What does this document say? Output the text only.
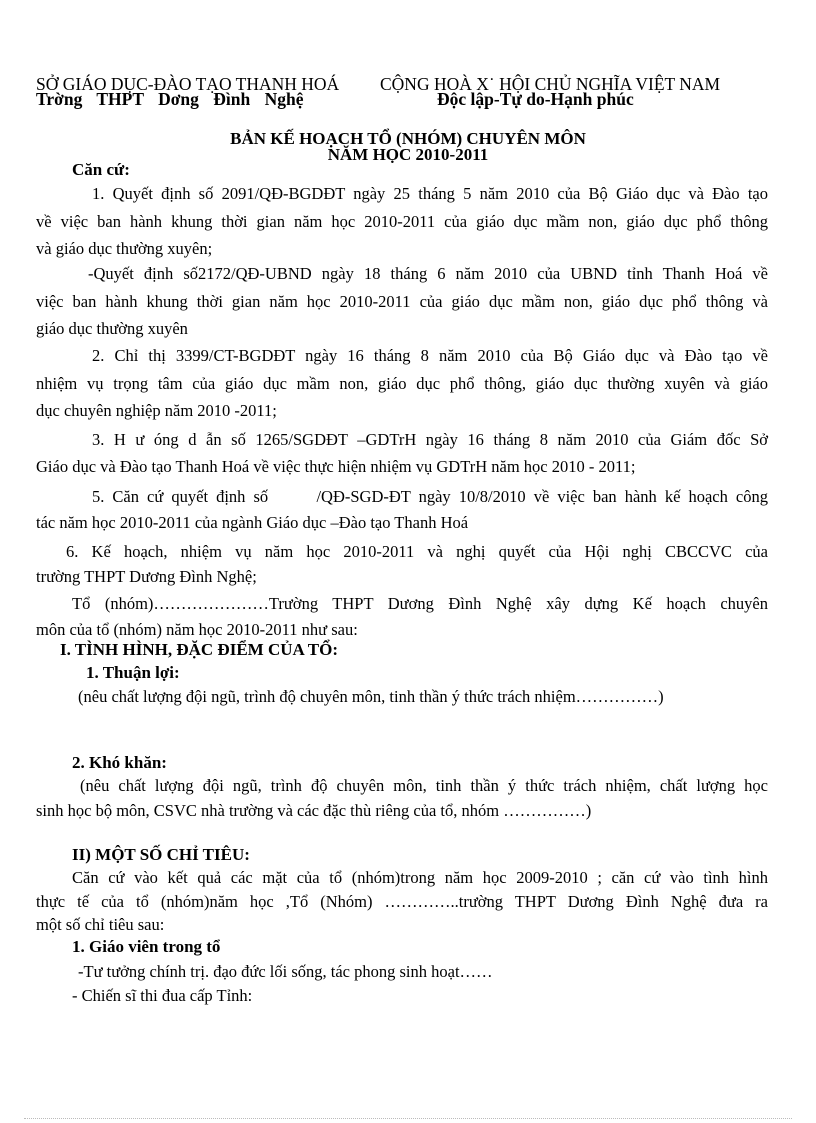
SỞ GIÁO DỤC-ĐÀO TẠO THANH HOÁ CỘNG HOÀ X˙ HỘI CHỦ NGHĨA VIỆT NAM
Trờng THPT Dơng Đình Nghệ	Độc lập-Tự do-Hạnh phúc
BẢN KẾ HOẠCH TỔ (NHÓM) CHUYÊN MÔN
NĂM HỌC 2010-2011
Căn cứ:
1. Quyết định số 2091/QĐ-BGDĐT ngày 25 tháng 5 năm 2010 của Bộ Giáo dục và Đào tạo
về việc ban hành khung thời gian năm học 2010-2011 của giáo dục mầm non, giáo dục phổ thông
và giáo dục thường xuyên;
-Quyết định số2172/QĐ-UBND ngày 18 tháng 6 năm 2010 của UBND tỉnh Thanh Hoá về
việc ban hành khung thời gian năm học 2010-2011 của giáo dục mầm non, giáo dục phổ thông và
giáo dục thường xuyên
2. Chỉ thị 3399/CT-BGDĐT ngày 16 tháng 8 năm 2010 của Bộ Giáo dục và Đào tạo về
nhiệm vụ trọng tâm của giáo dục mầm non, giáo dục phổ thông, giáo dục thường xuyên và giáo
dục chuyên nghiệp năm 2010 -2011;
3. H ư óng d ẫn số 1265/SGDĐT –GDTrH ngày 16 tháng 8 năm 2010 của Giám đốc Sở
Giáo dục và Đào tạo Thanh Hoá về việc thực hiện nhiệm vụ GDTrH năm học 2010 - 2011;
5. Căn cứ quyết định số      /QĐ-SGD-ĐT ngày 10/8/2010 về việc ban hành kế hoạch công
tác năm học 2010-2011 của ngành Giáo dục –Đào tạo Thanh Hoá
6. Kế hoạch, nhiệm vụ năm học 2010-2011 và nghị quyết của Hội nghị CBCCVC của
trường THPT Dương Đình Nghệ;
Tổ (nhóm)…………………Trường THPT Dương Đình Nghệ xây dựng Kế hoạch chuyên
môn của tổ (nhóm) năm học 2010-2011 như sau:
I. TÌNH HÌNH, ĐẶC ĐIỂM CỦA TỔ:
1. Thuận lợi:
(nêu chất lượng đội ngũ, trình độ chuyên môn, tinh thần ý thức trách nhiệm……………)
2. Khó khăn:
(nêu chất lượng đội ngũ, trình độ chuyên môn, tinh thần ý thức trách nhiệm, chất lượng học
sinh học bộ môn, CSVC nhà trường và các đặc thù riêng của tổ, nhóm ……………)
II) MỘT SỐ CHỈ TIÊU:
Căn cứ vào kết quả các mặt của tổ (nhóm)trong năm học 2009-2010 ; căn cứ vào tình hình
thực tế của tổ (nhóm)năm học ,Tổ (Nhóm) …………..trường THPT Dương Đình Nghệ đưa ra
một số chỉ tiêu sau:
1. Giáo viên trong tổ
-Tư tưởng chính trị. đạo đức lối sống, tác phong sinh hoạt……
- Chiến sĩ thi đua cấp Tỉnh:
